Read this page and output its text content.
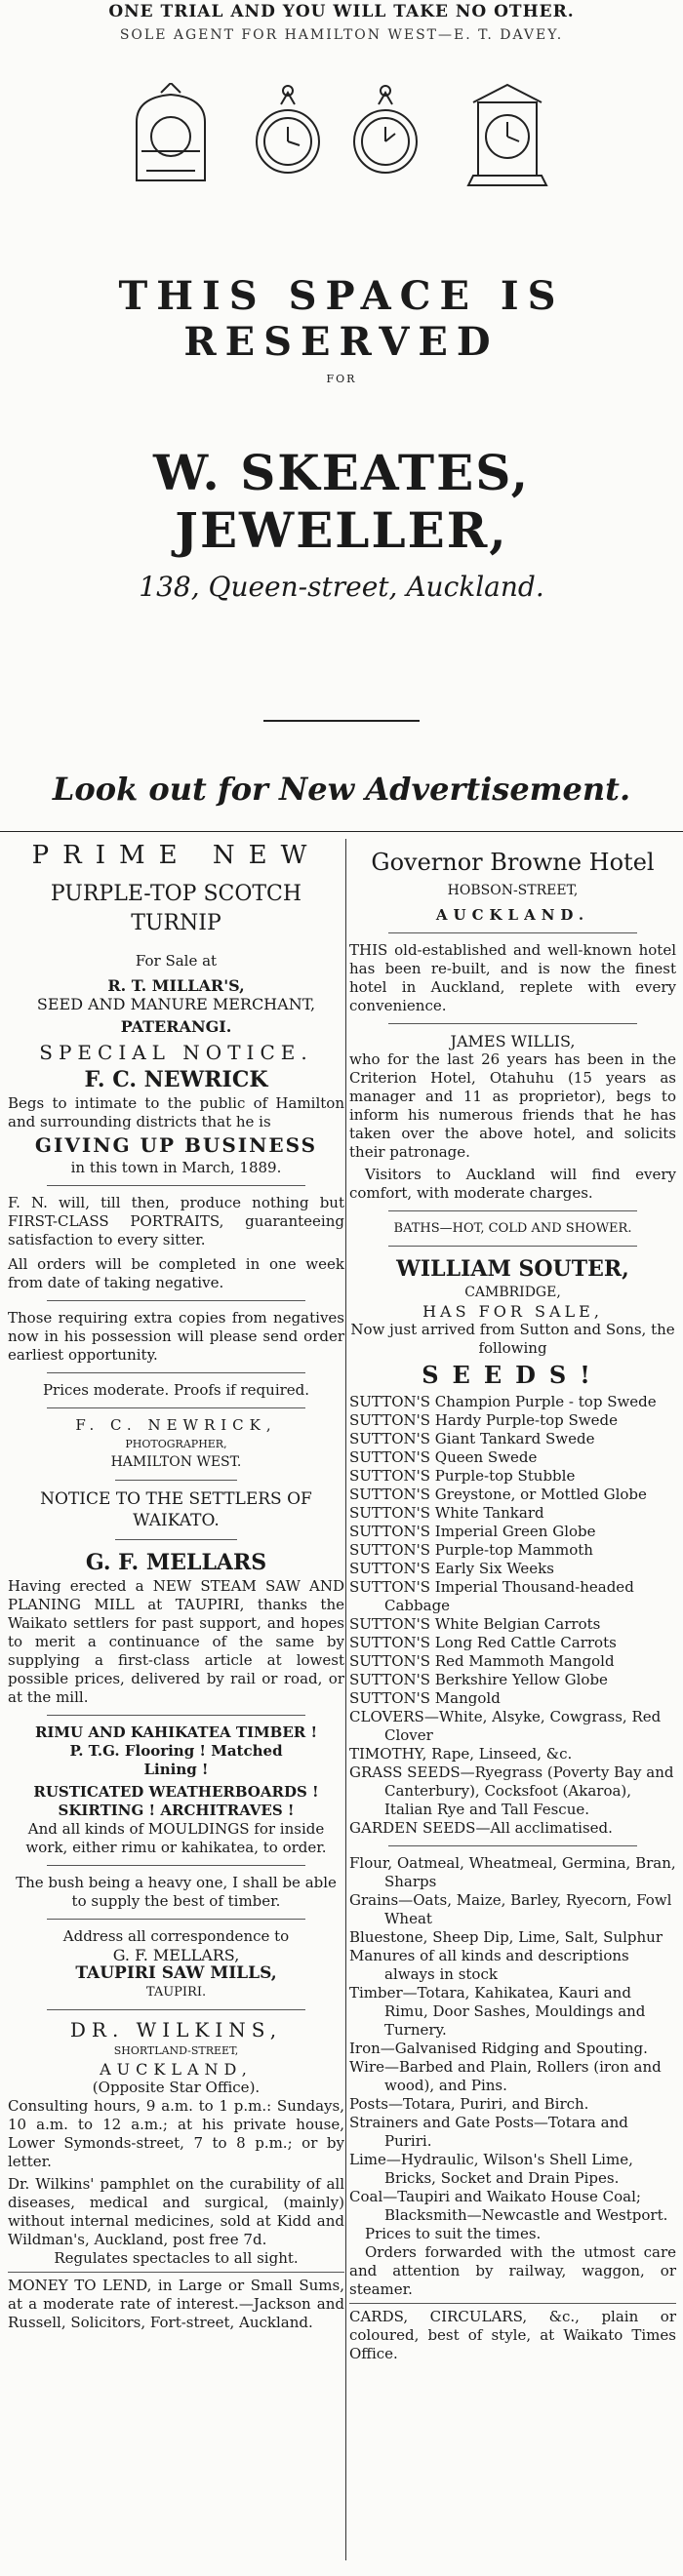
ONE TRIAL AND YOU WILL TAKE NO OTHER.
SOLE AGENT FOR HAMILTON WEST—E. T. DAVEY.
THIS SPACE IS RESERVED
FOR
W. SKEATES, JEWELLER,
138, Queen-street, Auckland.
Look out for New Advertisement.
PRIME NEW
PURPLE-TOP SCOTCH
TURNIP
For Sale at
R. T. MILLAR'S,
SEED AND MANURE MERCHANT,
PATERANGI.
SPECIAL NOTICE.
F. C. NEWRICK
Begs to intimate to the public of Hamilton and surrounding districts that he is
GIVING UP BUSINESS
in this town in March, 1889.
F. N. will, till then, produce nothing but FIRST-CLASS PORTRAITS, guaranteeing satisfaction to every sitter.
All orders will be completed in one week from date of taking negative.
Those requiring extra copies from negatives now in his possession will please send order earliest opportunity.
Prices moderate. Proofs if required.
F. C. NEWRICK,
PHOTOGRAPHER,
HAMILTON WEST.
NOTICE TO THE SETTLERS OF WAIKATO.
G. F. MELLARS
Having erected a NEW STEAM SAW AND PLANING MILL at TAUPIRI, thanks the Waikato settlers for past support, and hopes to merit a continuance of the same by supplying a first-class article at lowest possible prices, delivered by rail or road, or at the mill.
RIMU AND KAHIKATEA TIMBER !
P. T.G. Flooring ! Matched
Lining !
RUSTICATED WEATHERBOARDS !
SKIRTING ! ARCHITRAVES !
And all kinds of MOULDINGS for inside work, either rimu or kahikatea, to order.
The bush being a heavy one, I shall be able to supply the best of timber.
Address all correspondence to
G. F. MELLARS,
TAUPIRI SAW MILLS,
TAUPIRI.
DR. WILKINS,
SHORTLAND-STREET,
AUCKLAND,
(Opposite Star Office).
Consulting hours, 9 a.m. to 1 p.m.: Sundays, 10 a.m. to 12 a.m.; at his private house, Lower Symonds-street, 7 to 8 p.m.; or by letter.
Dr. Wilkins' pamphlet on the curability of all diseases, medical and surgical, (mainly) without internal medicines, sold at Kidd and Wildman's, Auckland, post free 7d.
Regulates spectacles to all sight.
MONEY TO LEND, in Large or Small Sums, at a moderate rate of interest.—Jackson and Russell, Solicitors, Fort-street, Auckland.
Governor Browne Hotel
HOBSON-STREET,
AUCKLAND.
THIS old-established and well-known hotel has been re-built, and is now the finest hotel in Auckland, replete with every convenience.
JAMES WILLIS,
who for the last 26 years has been in the Criterion Hotel, Otahuhu (15 years as manager and 11 as proprietor), begs to inform his numerous friends that he has taken over the above hotel, and solicits their patronage.
Visitors to Auckland will find every comfort, with moderate charges.
BATHS—HOT, COLD AND SHOWER.
WILLIAM SOUTER,
CAMBRIDGE,
HAS FOR SALE,
Now just arrived from Sutton and Sons, the following
SEEDS!
SUTTON'S Champion Purple - top Swede
SUTTON'S Hardy Purple-top Swede
SUTTON'S Giant Tankard Swede
SUTTON'S Queen Swede
SUTTON'S Purple-top Stubble
SUTTON'S Greystone, or Mottled Globe
SUTTON'S White Tankard
SUTTON'S Imperial Green Globe
SUTTON'S Purple-top Mammoth
SUTTON'S Early Six Weeks
SUTTON'S Imperial Thousand-headed Cabbage
SUTTON'S White Belgian Carrots
SUTTON'S Long Red Cattle Carrots
SUTTON'S Red Mammoth Mangold
SUTTON'S Berkshire Yellow Globe
SUTTON'S Mangold
CLOVERS—White, Alsyke, Cowgrass, Red Clover
TIMOTHY, Rape, Linseed, &c.
GRASS SEEDS—Ryegrass (Poverty Bay and Canterbury), Cocksfoot (Akaroa), Italian Rye and Tall Fescue.
GARDEN SEEDS—All acclimatised.
Flour, Oatmeal, Wheatmeal, Germina, Bran, Sharps
Grains—Oats, Maize, Barley, Ryecorn, Fowl Wheat
Bluestone, Sheep Dip, Lime, Salt, Sulphur
Manures of all kinds and descriptions always in stock
Timber—Totara, Kahikatea, Kauri and Rimu, Door Sashes, Mouldings and Turnery.
Iron—Galvanised Ridging and Spouting.
Wire—Barbed and Plain, Rollers (iron and wood), and Pins.
Posts—Totara, Puriri, and Birch.
Strainers and Gate Posts—Totara and Puriri.
Lime—Hydraulic, Wilson's Shell Lime, Bricks, Socket and Drain Pipes.
Coal—Taupiri and Waikato House Coal; Blacksmith—Newcastle and Westport.
Prices to suit the times.
Orders forwarded with the utmost care and attention by railway, waggon, or steamer.
CARDS, CIRCULARS, &c., plain or coloured, best of style, at Waikato Times Office.
